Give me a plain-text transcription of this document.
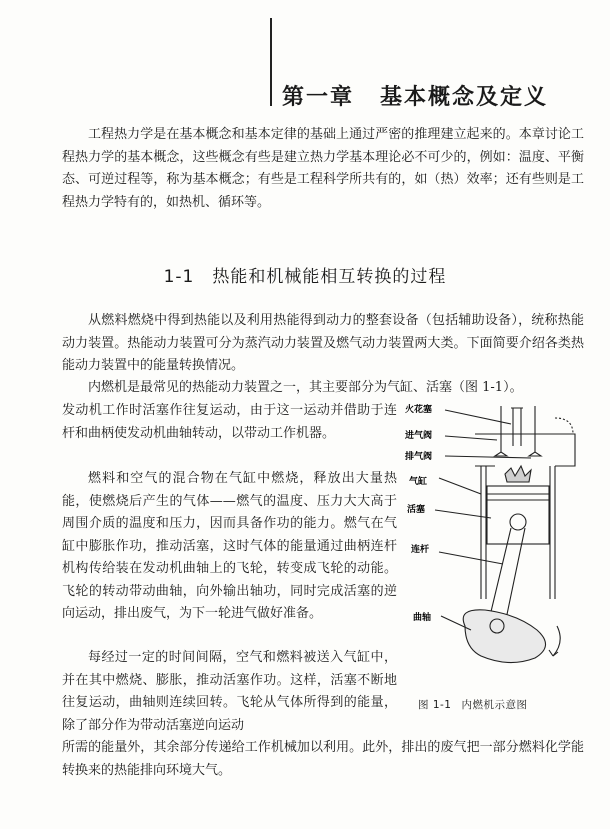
第一章 基本概念及定义

工程热力学是在基本概念和基本定律的基础上通过严密的推理建立起来的。本章讨论工程热力学的基本概念，这些概念有些是建立热力学基本理论必不可少的，例如：温度、平衡态、可逆过程等，称为基本概念；有些是工程科学所共有的，如（热）效率；还有些则是工程热力学特有的，如热机、循环等。

1-1 热能和机械能相互转换的过程

从燃料燃烧中得到热能以及利用热能得到动力的整套设备（包括辅助设备），统称热能动力装置。热能动力装置可分为蒸汽动力装置及燃气动力装置两大类。下面简要介绍各类热能动力装置中的能量转换情况。

内燃机是最常见的热能动力装置之一，其主要部分为气缸、活塞（图 1-1）。

发动机工作时活塞作往复运动，由于这一运动并借助于连杆和曲柄使发动机曲轴转动，以带动工作机器。

燃料和空气的混合物在气缸中燃烧，释放出大量热能，使燃烧后产生的气体——燃气的温度、压力大大高于周围介质的温度和压力，因而具备作功的能力。燃气在气缸中膨胀作功，推动活塞，这时气体的能量通过曲柄连杆机构传给装在发动机曲轴上的飞轮，转变成飞轮的动能。飞轮的转动带动曲轴，向外输出轴功，同时完成活塞的逆向运动，排出废气，为下一轮进气做好准备。

每经过一定的时间间隔，空气和燃料被送入气缸中，并在其中燃烧、膨胀，推动活塞作功。这样，活塞不断地往复运动，曲轴则连续回转。飞轮从气体所得到的能量，除了部分作为带动活塞逆向运动

所需的能量外，其余部分传递给工作机械加以利用。此外，排出的废气把一部分燃料化学能转换来的热能排向环境大气。

火花塞
进气阀
排气阀
气缸
活塞
连杆
曲轴
图 1-1 内燃机示意图
